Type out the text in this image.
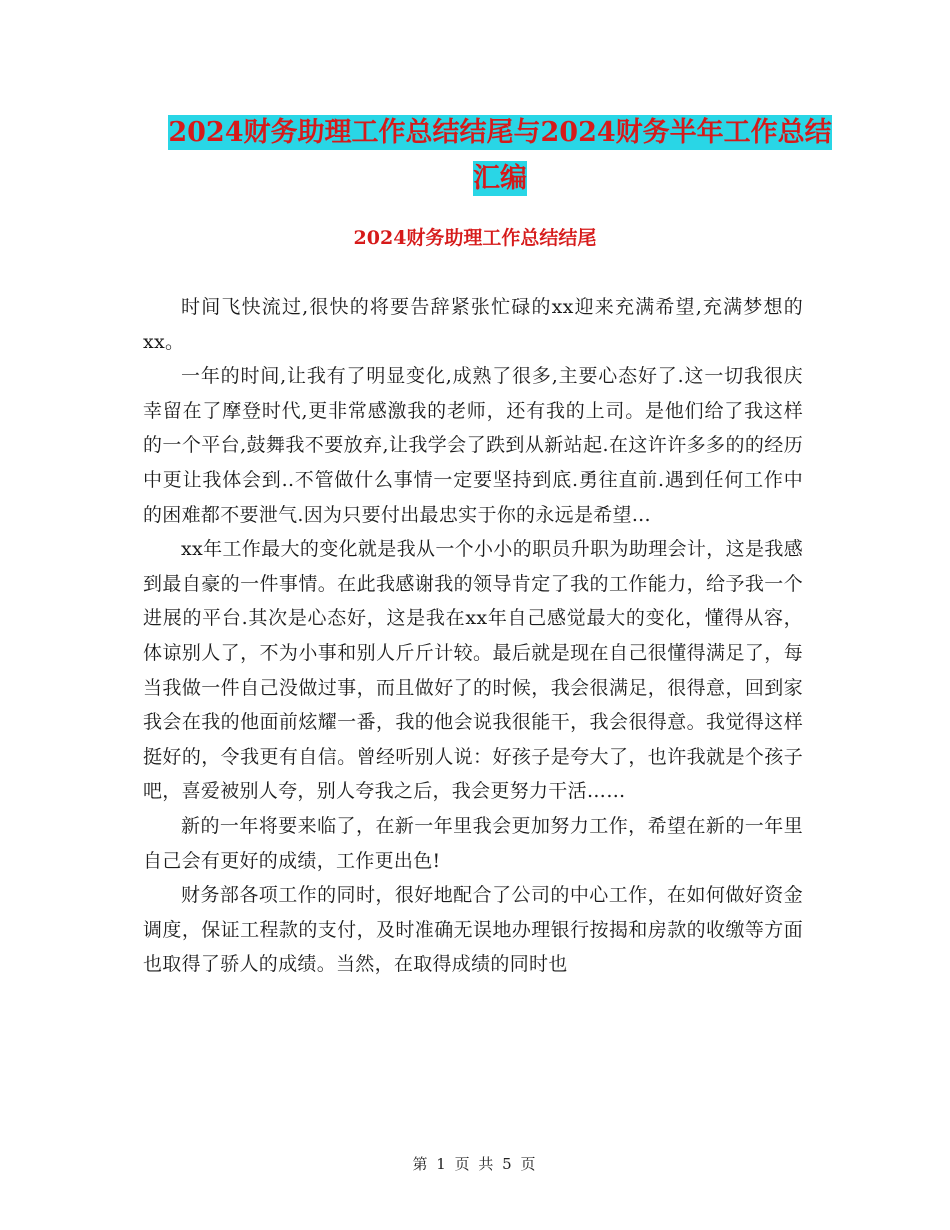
2024财务助理工作总结结尾与2024财务半年工作总结
汇编
2024财务助理工作总结结尾

时间飞快流过,很快的将要告辞紧张忙碌的xx迎来充满希望,充满梦想的xx。

一年的时间,让我有了明显变化,成熟了很多,主要心态好了.这一切我很庆幸留在了摩登时代,更非常感激我的老师，还有我的上司。是他们给了我这样的一个平台,鼓舞我不要放弃,让我学会了跌到从新站起.在这许许多多的的经历中更让我体会到..不管做什么事情一定要坚持到底.勇往直前.遇到任何工作中的困难都不要泄气.因为只要付出最忠实于你的永远是希望...

xx年工作最大的变化就是我从一个小小的职员升职为助理会计，这是我感到最自豪的一件事情。在此我感谢我的领导肯定了我的工作能力，给予我一个进展的平台.其次是心态好，这是我在xx年自己感觉最大的变化，懂得从容，体谅别人了，不为小事和别人斤斤计较。最后就是现在自己很懂得满足了，每当我做一件自己没做过事，而且做好了的时候，我会很满足，很得意，回到家我会在我的他面前炫耀一番，我的他会说我很能干，我会很得意。我觉得这样挺好的，令我更有自信。曾经听别人说：好孩子是夸大了，也许我就是个孩子吧，喜爱被别人夸，别人夸我之后，我会更努力干活……

新的一年将要来临了，在新一年里我会更加努力工作，希望在新的一年里自己会有更好的成绩，工作更出色!

财务部各项工作的同时，很好地配合了公司的中心工作，在如何做好资金调度，保证工程款的支付，及时准确无误地办理银行按揭和房款的收缴等方面也取得了骄人的成绩。当然，在取得成绩的同时也

第 1 页 共 5 页
